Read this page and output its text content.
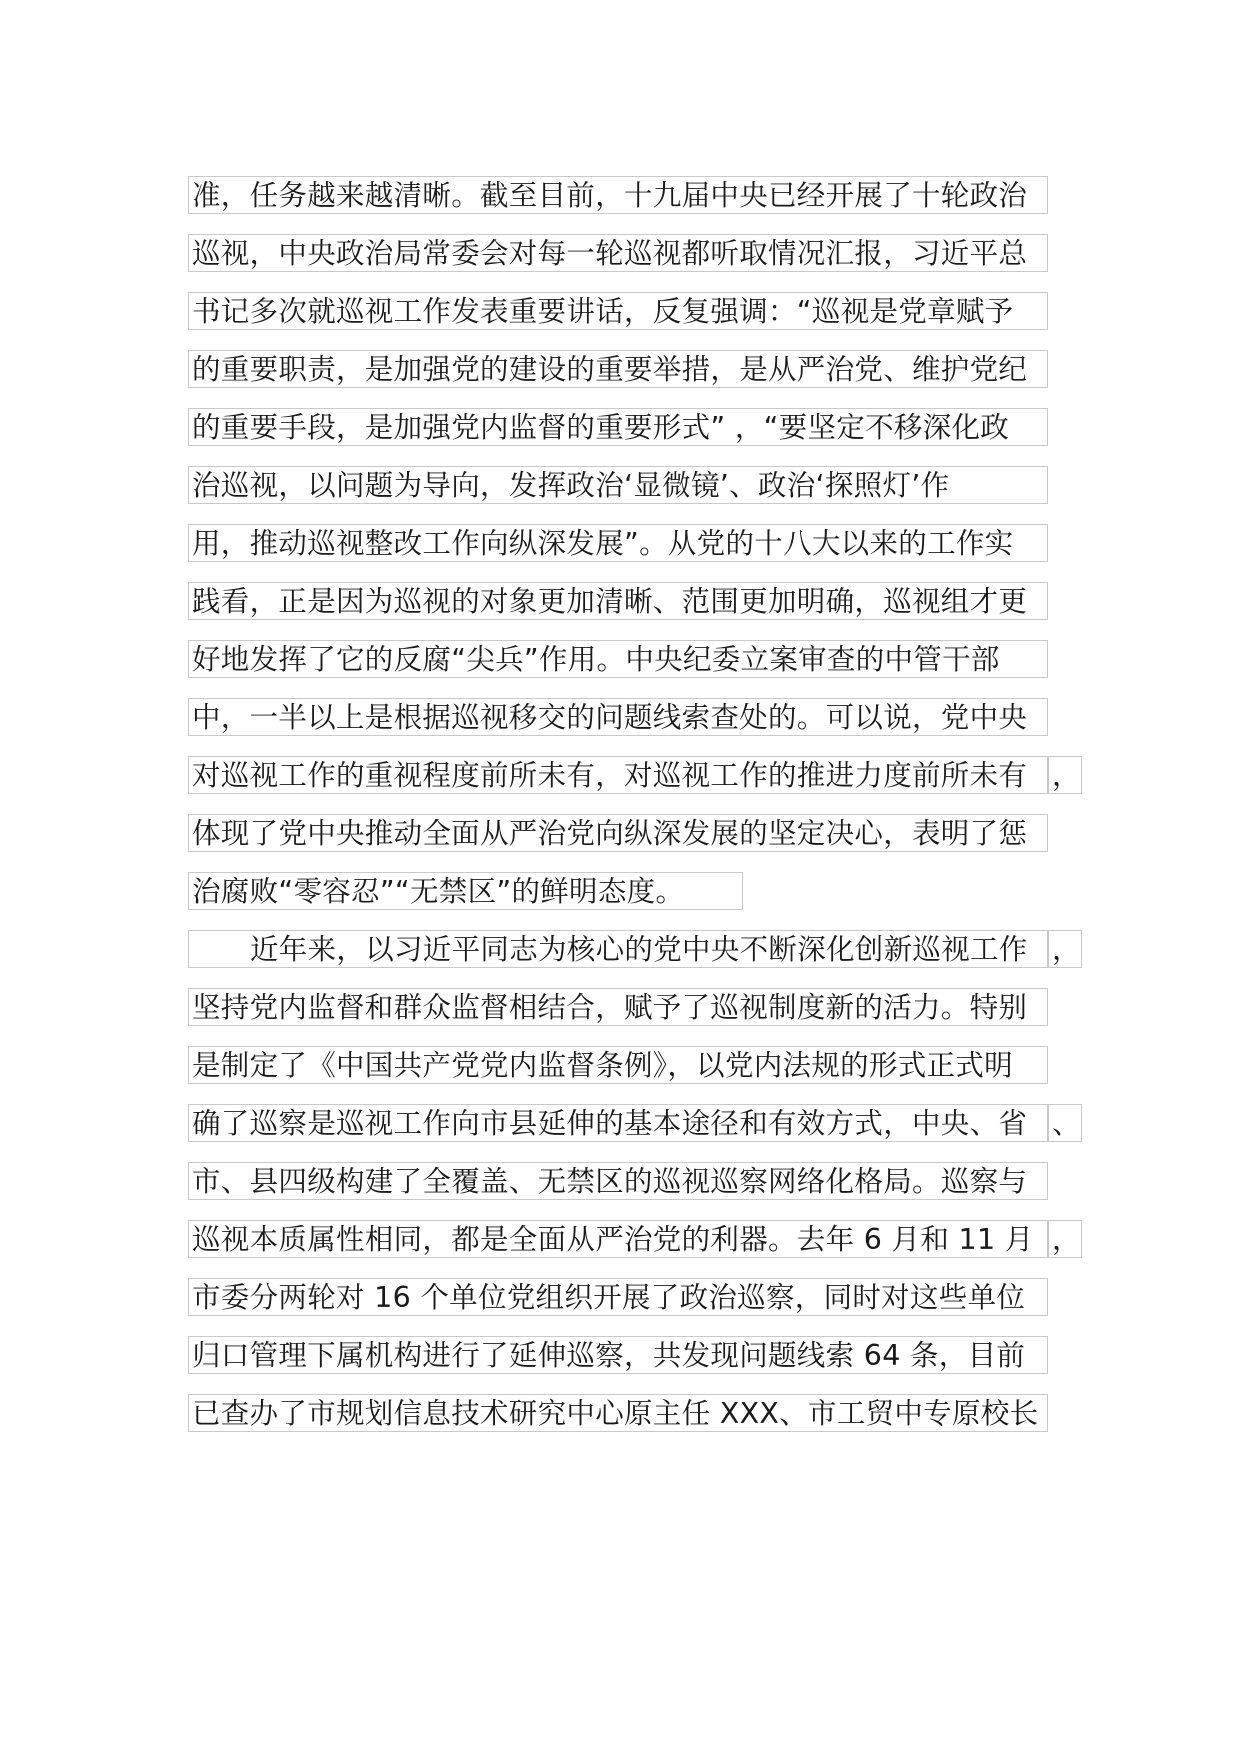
准，任务越来越清晰。截至目前，十九届中央已经开展了十轮政治
巡视，中央政治局常委会对每一轮巡视都听取情况汇报，习近平总
书记多次就巡视工作发表重要讲话，反复强调：“巡视是党章赋予
的重要职责，是加强党的建设的重要举措，是从严治党、维护党纪
的重要手段，是加强党内监督的重要形式” ，“要坚定不移深化政
治巡视，以问题为导向，发挥政治‘显微镜’、政治‘探照灯’作
用，推动巡视整改工作向纵深发展”。从党的十八大以来的工作实
践看，正是因为巡视的对象更加清晰、范围更加明确，巡视组才更
好地发挥了它的反腐“尖兵”作用。中央纪委立案审查的中管干部
中，一半以上是根据巡视移交的问题线索查处的。可以说，党中央
对巡视工作的重视程度前所未有，对巡视工作的推进力度前所未有 ，
体现了党中央推动全面从严治党向纵深发展的坚定决心，表明了惩
治腐败“零容忍”“无禁区”的鲜明态度。
近年来，以习近平同志为核心的党中央不断深化创新巡视工作 ，
坚持党内监督和群众监督相结合，赋予了巡视制度新的活力。特别
是制定了《中国共产党党内监督条例》，以党内法规的形式正式明
确了巡察是巡视工作向市县延伸的基本途径和有效方式，中央、省 、
市、县四级构建了全覆盖、无禁区的巡视巡察网络化格局。巡察与
巡视本质属性相同，都是全面从严治党的利器。去年 6 月和 11 月 ，
市委分两轮对 16 个单位党组织开展了政治巡察，同时对这些单位
归口管理下属机构进行了延伸巡察，共发现问题线索 64 条，目前
已查办了市规划信息技术研究中心原主任 XXX、市工贸中专原校长
